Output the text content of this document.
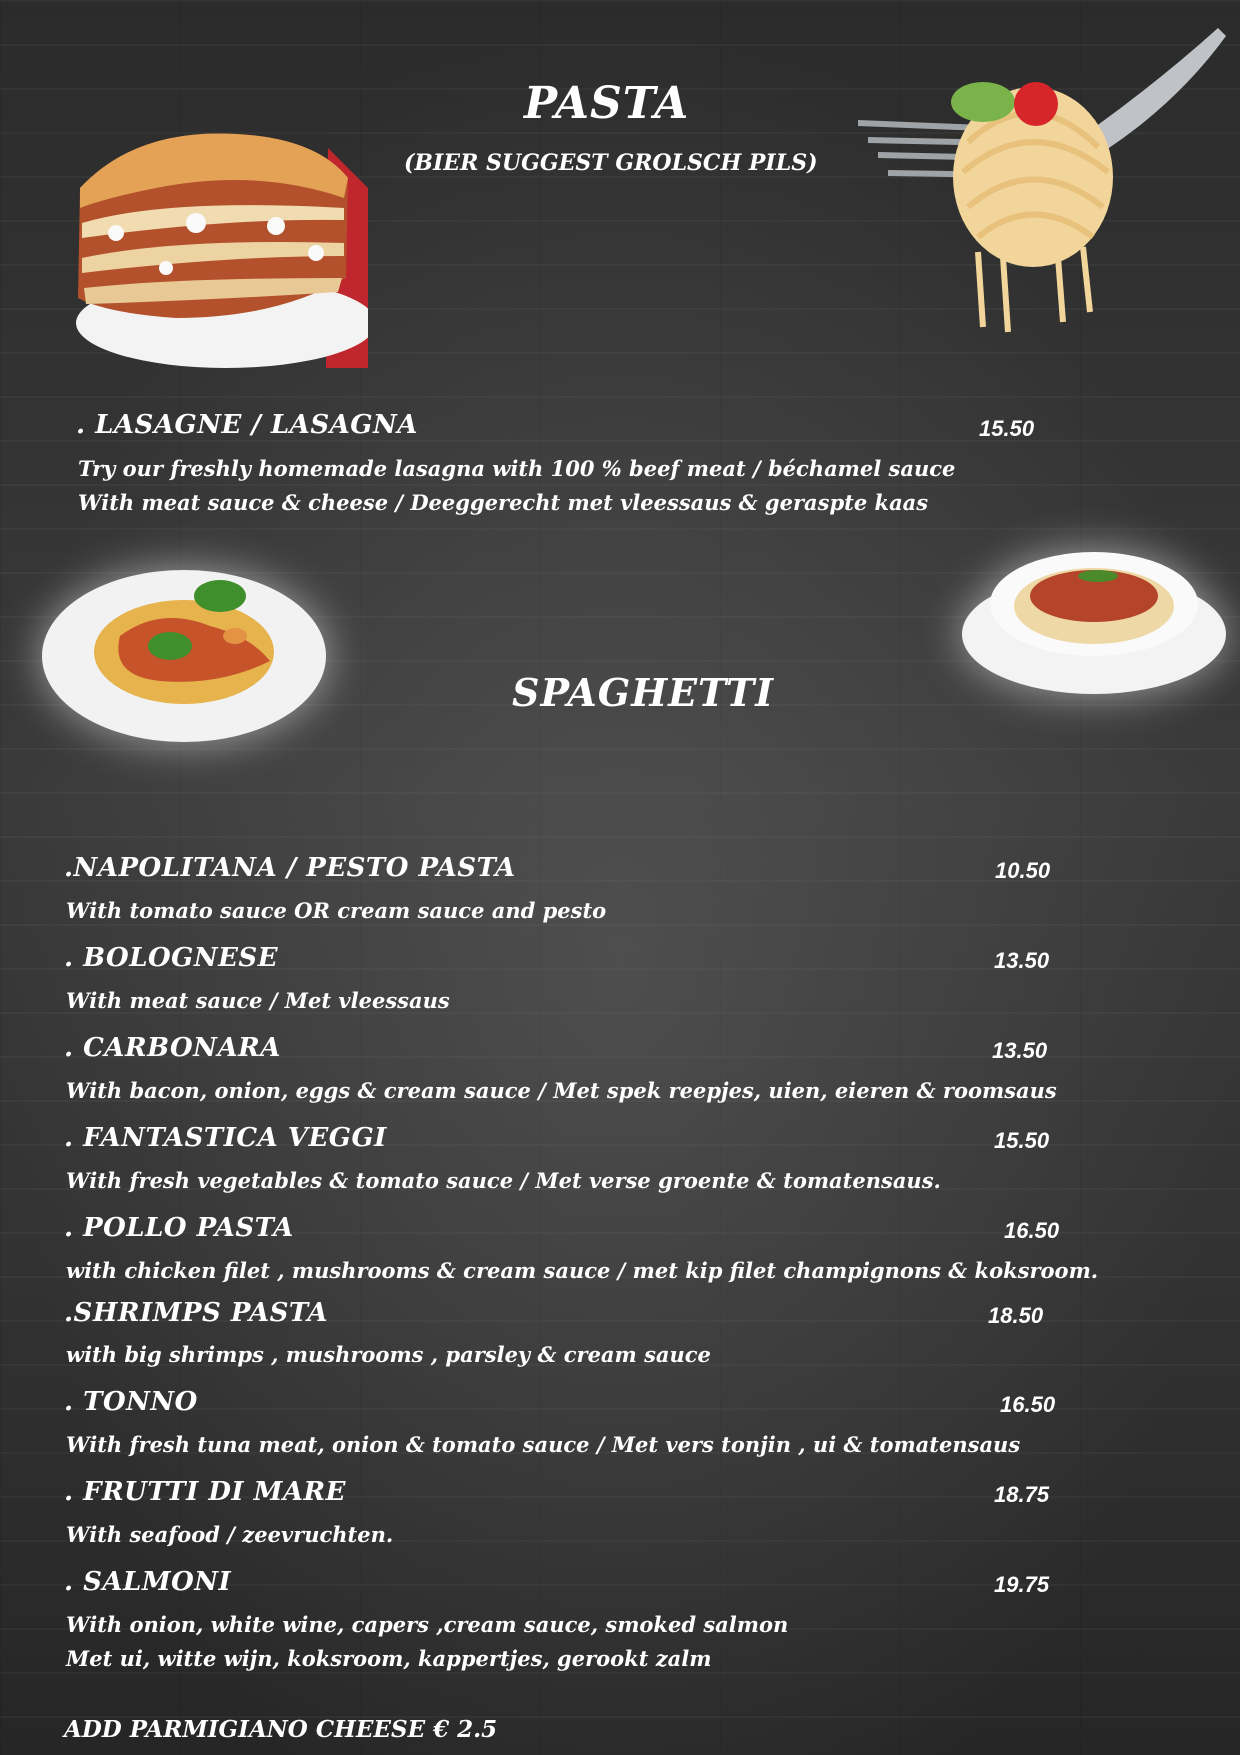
PASTA
(BIER SUGGEST GROLSCH PILS)
. LASAGNE / LASAGNA	15.50
Try our freshly homemade lasagna with 100 % beef meat / béchamel sauce
With meat sauce & cheese / Deeggerecht met vleessaus & geraspte kaas
SPAGHETTI
.NAPOLITANA / PESTO PASTA	10.50
With tomato sauce OR cream sauce and pesto
. BOLOGNESE	13.50
With meat sauce / Met vleessaus
. CARBONARA	13.50
With bacon, onion, eggs & cream sauce / Met spek reepjes, uien, eieren & roomsaus
. FANTASTICA VEGGI	15.50
With fresh vegetables & tomato sauce / Met verse groente & tomatensaus.
. POLLO PASTA	16.50
with chicken filet , mushrooms & cream sauce / met kip filet champignons & koksroom.
.SHRIMPS PASTA	18.50
with big shrimps , mushrooms , parsley & cream sauce
. TONNO	16.50
With fresh tuna meat, onion & tomato sauce / Met vers tonjin , ui & tomatensaus
. FRUTTI DI MARE	18.75
With seafood / zeevruchten.
. SALMONI	19.75
With onion, white wine, capers ,cream sauce, smoked salmon
Met ui, witte wijn, koksroom, kappertjes, gerookt zalm
ADD PARMIGIANO CHEESE € 2.5
